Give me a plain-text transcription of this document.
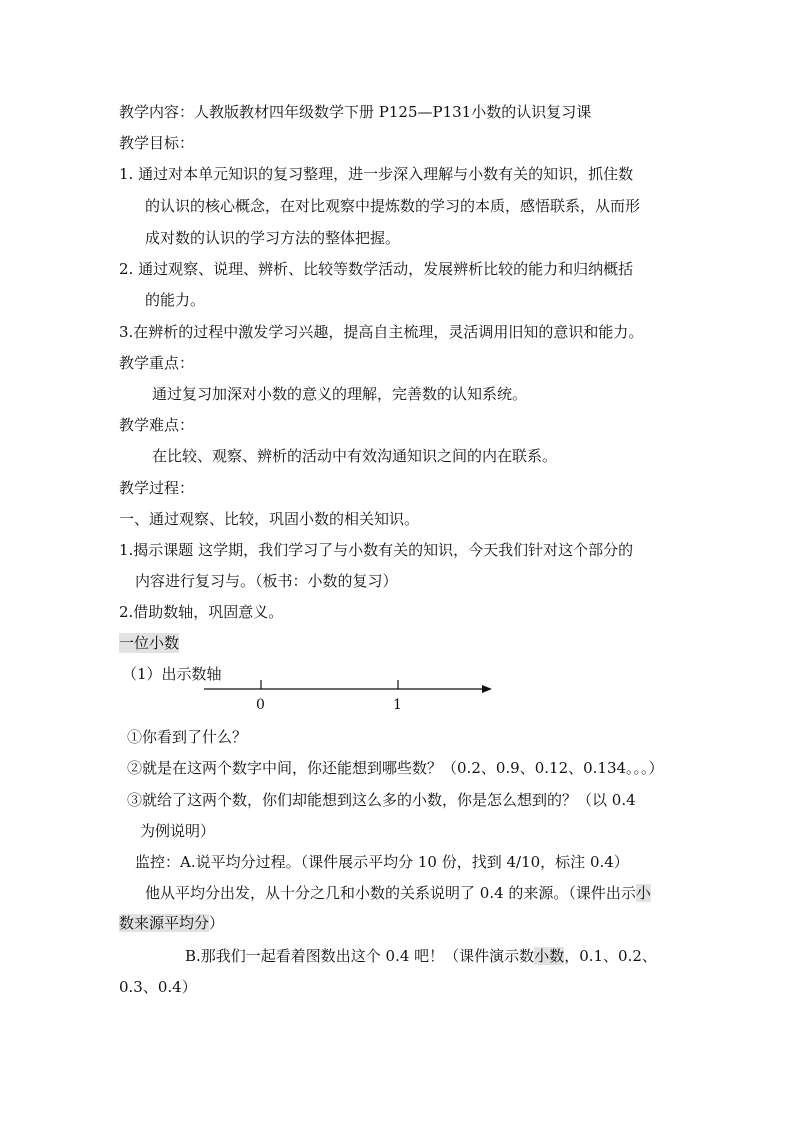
教学内容：人教版教材四年级数学下册 P125—P131小数的认识复习课
教学目标：
1. 通过对本单元知识的复习整理，进一步深入理解与小数有关的知识，抓住数
的认识的核心概念，在对比观察中提炼数的学习的本质，感悟联系，从而形
成对数的认识的学习方法的整体把握。
2. 通过观察、说理、辨析、比较等数学活动，发展辨析比较的能力和归纳概括
的能力。
3.在辨析的过程中激发学习兴趣，提高自主梳理，灵活调用旧知的意识和能力。
教学重点：
通过复习加深对小数的意义的理解，完善数的认知系统。
教学难点：
在比较、观察、辨析的活动中有效沟通知识之间的内在联系。
教学过程：
一、通过观察、比较，巩固小数的相关知识。
1.揭示课题 这学期，我们学习了与小数有关的知识，今天我们针对这个部分的
内容进行复习与。（板书：小数的复习）
2.借助数轴，巩固意义。
一位小数
（1）出示数轴
0	1
①你看到了什么？
②就是在这两个数字中间，你还能想到哪些数？（0.2、0.9、0.12、0.134。。。）
③就给了这两个数，你们却能想到这么多的小数，你是怎么想到的？（以 0.4
为例说明）
监控：A.说平均分过程。（课件展示平均分 10 份，找到 4/10，标注 0.4）
他从平均分出发，从十分之几和小数的关系说明了 0.4 的来源。（课件出示小
数来源平均分）
B.那我们一起看着图数出这个 0.4 吧！（课件演示数小数，0.1、0.2、
0.3、0.4）
